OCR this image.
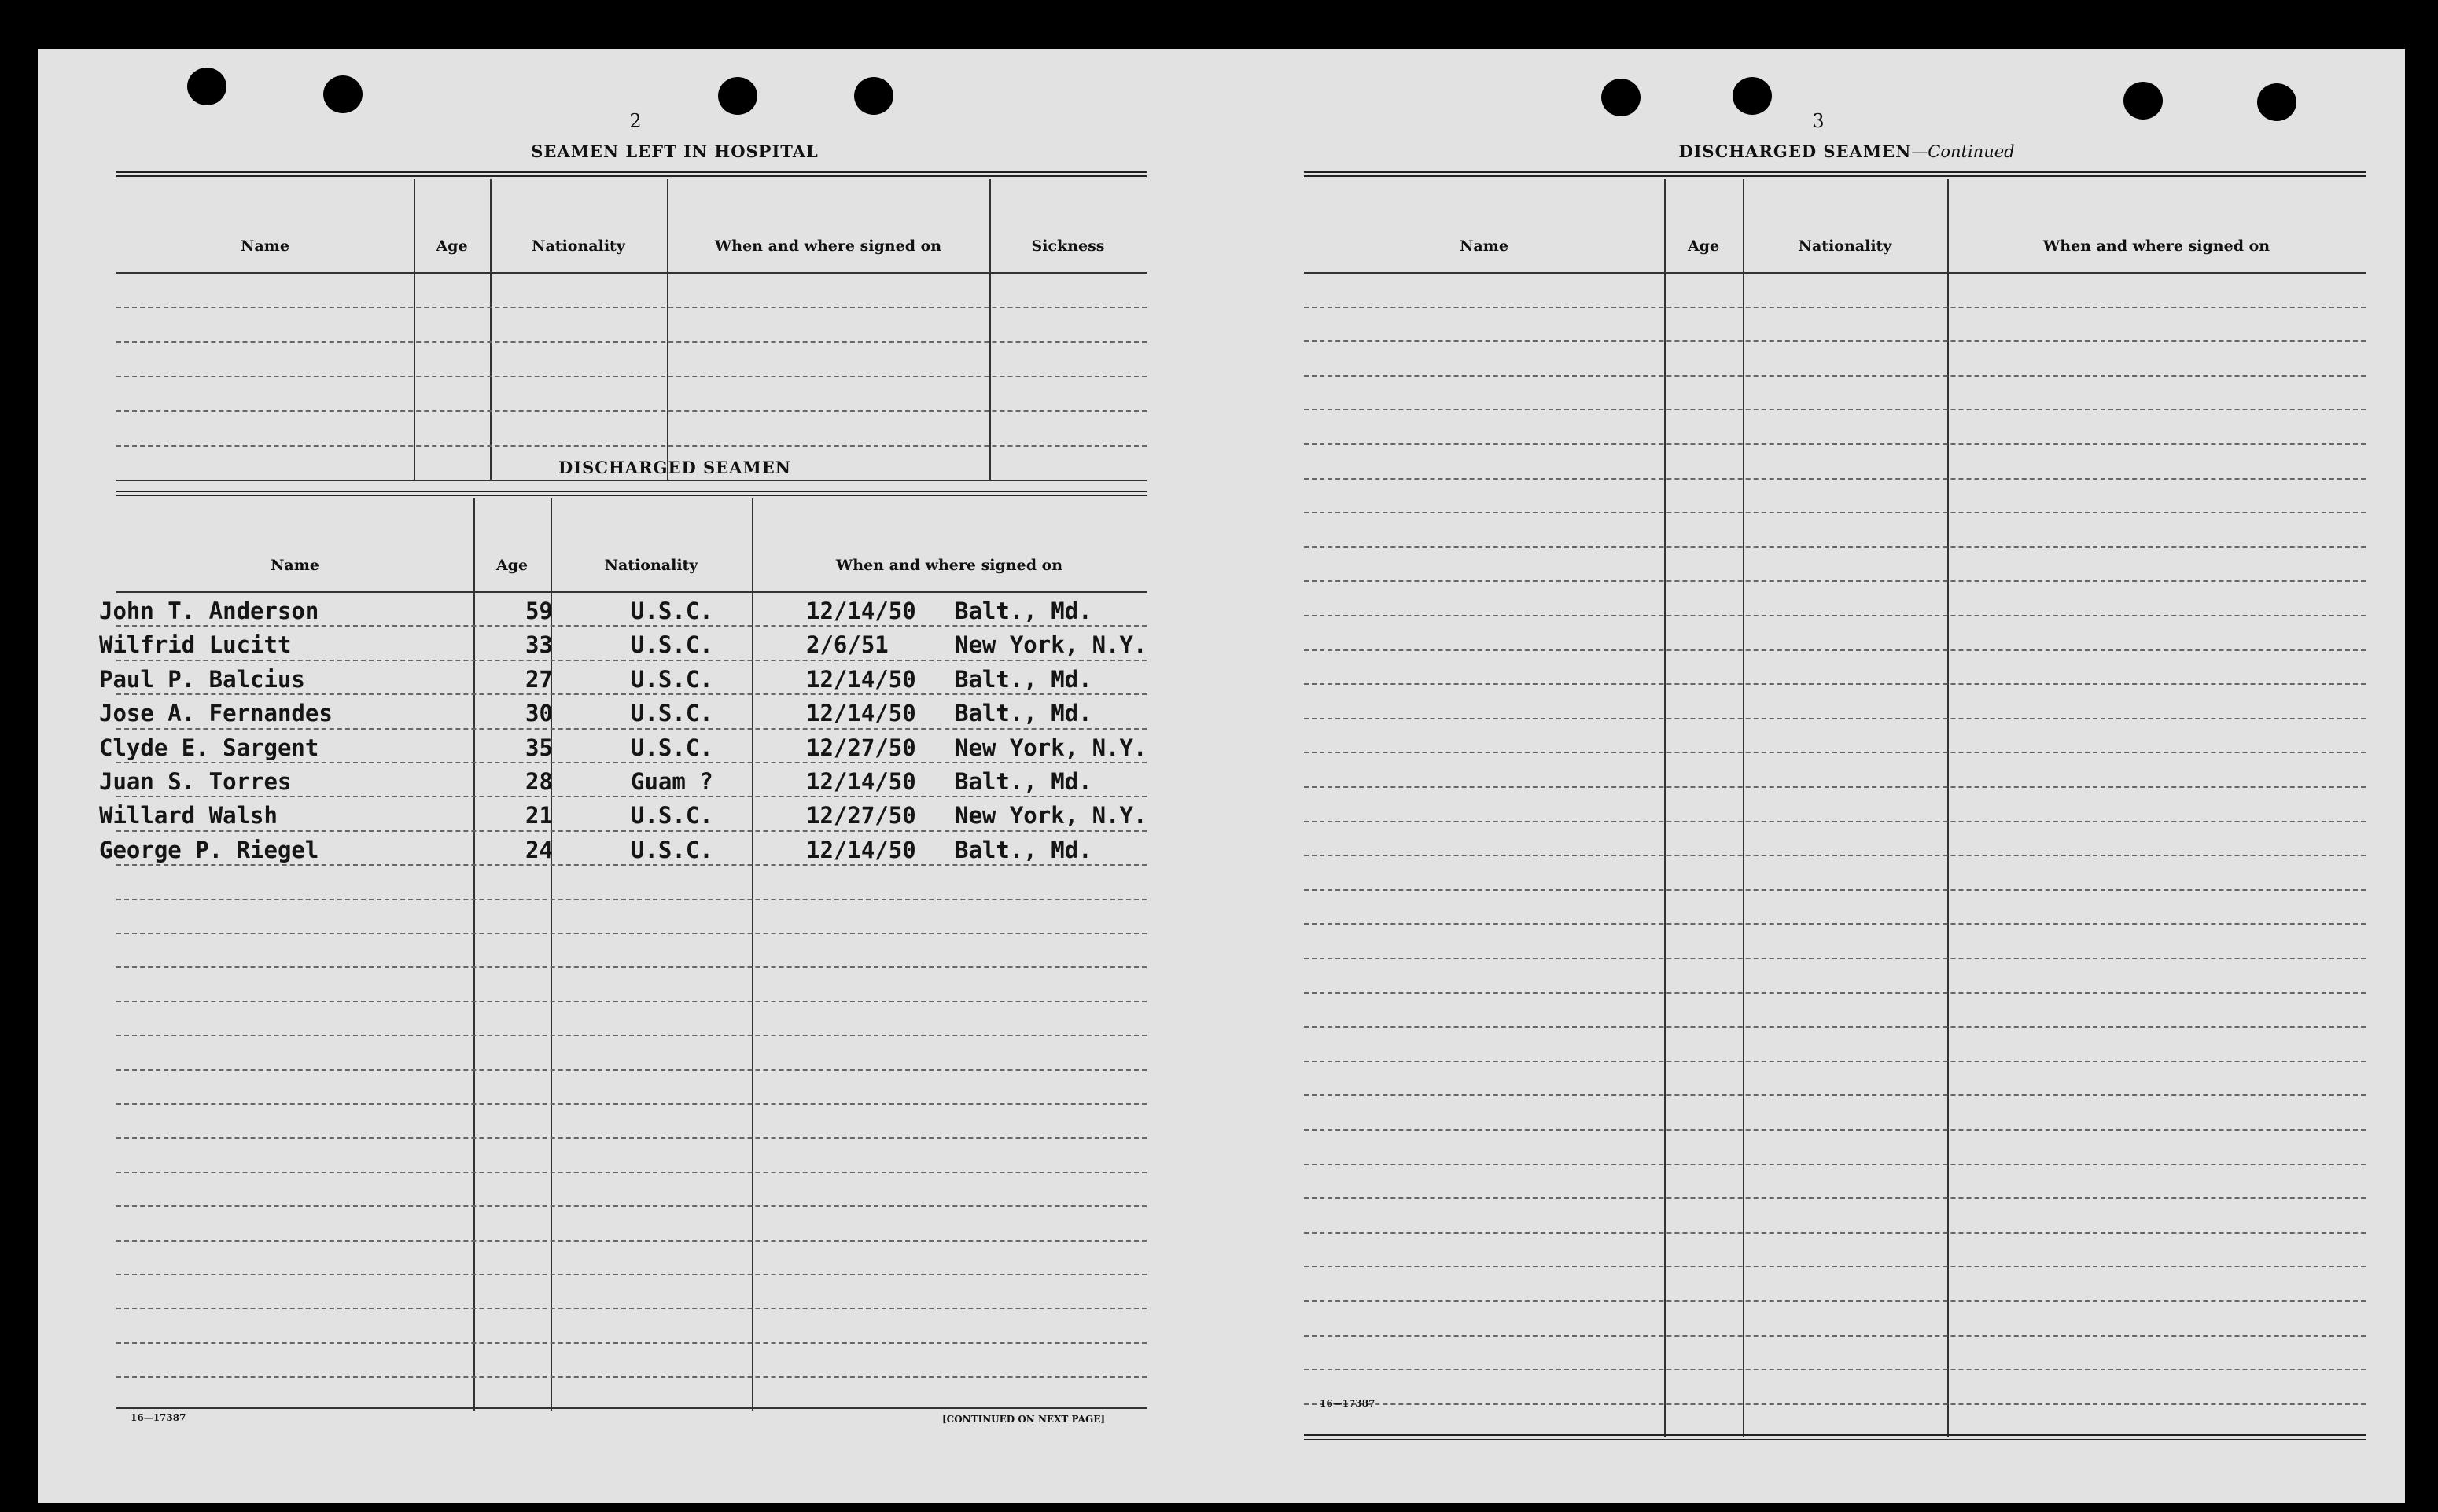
2
SEAMEN LEFT IN HOSPITAL
Name	Age	Nationality	When and where signed on	Sickness
DISCHARGED SEAMEN
Name	Age	Nationality	When and where signed on
John T. Anderson	59	U.S.C.	12/14/50 Balt., Md.
Wilfrid Lucitt	33	U.S.C.	2/6/51	New York, N.Y.
Paul P. Balcius	27	U.S.C.	12/14/50 Balt., Md.
Jose A. Fernandes	30	U.S.C.	12/14/50 Balt., Md.
Clyde E. Sargent	35	U.S.C.	12/27/50 New York, N.Y.
Juan S. Torres	28	Guam ?	12/14/50 Balt., Md.
Willard Walsh	21	U.S.C.	12/27/50 New York, N.Y.
George P. Riegel	24	U.S.C.	12/14/50 Balt., Md.
16—17387	[CONTINUED ON NEXT PAGE]
3
DISCHARGED SEAMEN—Continued
Name	Age	Nationality	When and where signed on
16—17387
